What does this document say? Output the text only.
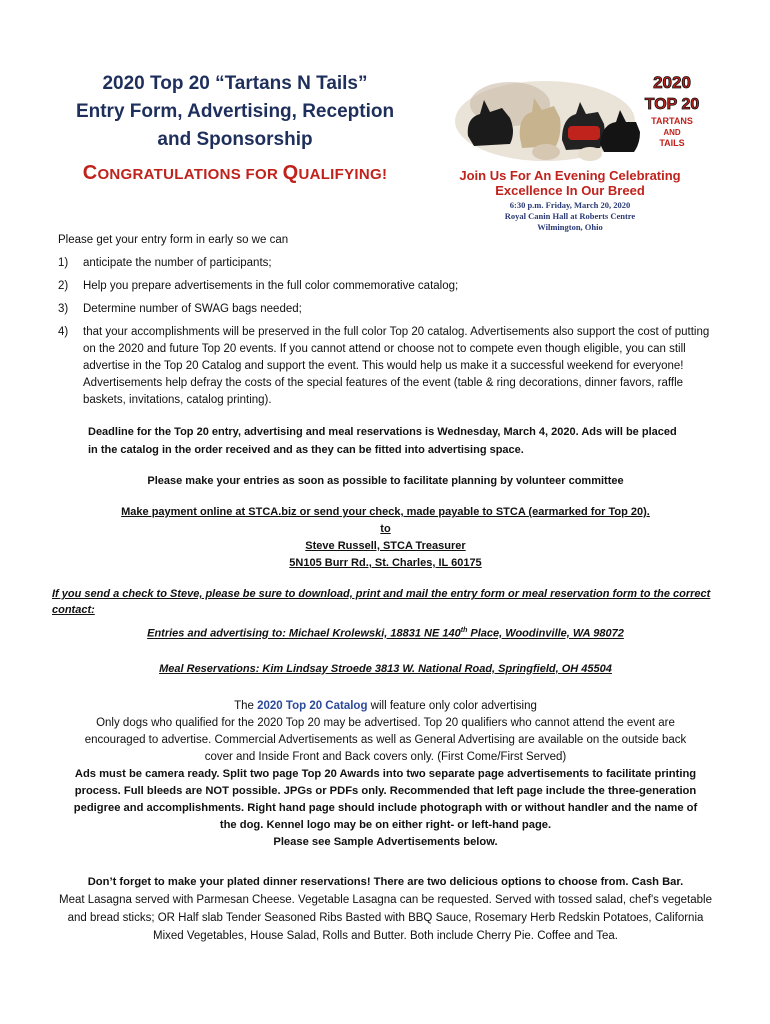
2020 Top 20 “Tartans N Tails”
Entry Form, Advertising, Reception
and Sponsorship
CONGRATULATIONS FOR QUALIFYING!
2020
TOP 20
TARTANS
AND
TAILS
Join Us For An Evening Celebrating
Excellence In Our Breed
6:30 p.m. Friday, March 20, 2020
Royal Canin Hall at Roberts Centre
Wilmington, Ohio

Please get your entry form in early so we can

1) anticipate the number of participants;
2) Help you prepare advertisements in the full color commemorative catalog;
3) Determine number of SWAG bags needed;
4) that your accomplishments will be preserved in the full color Top 20 catalog. Advertisements also support the cost of putting on the 2020 and future Top 20 events. If you cannot attend or choose not to compete even though eligible, you can still advertise in the Top 20 Catalog and support the event. This would help us make it a successful weekend for everyone! Advertisements help defray the costs of the special features of the event (table & ring decorations, dinner favors, raffle baskets, invitations, catalog printing).
Deadline for the Top 20 entry, advertising and meal reservations is Wednesday, March 4, 2020. Ads will be placed in the catalog in the order received and as they can be fitted into advertising space.
Please make your entries as soon as possible to facilitate planning by volunteer committee
Make payment online at STCA.biz or send your check, made payable to STCA (earmarked for Top 20).
to
Steve Russell, STCA Treasurer
5N105 Burr Rd., St. Charles, IL 60175
If you send a check to Steve, please be sure to download, print and mail the entry form or meal reservation form to the correct contact:
Entries and advertising to: Michael Krolewski, 18831 NE 140th Place, Woodinville, WA 98072
Meal Reservations: Kim Lindsay Stroede 3813 W. National Road, Springfield, OH 45504
The 2020 Top 20 Catalog will feature only color advertising
Only dogs who qualified for the 2020 Top 20 may be advertised. Top 20 qualifiers who cannot attend the event are encouraged to advertise. Commercial Advertisements as well as General Advertising are available on the outside back cover and Inside Front and Back covers only. (First Come/First Served)
Ads must be camera ready. Split two page Top 20 Awards into two separate page advertisements to facilitate printing process. Full bleeds are NOT possible. JPGs or PDFs only. Recommended that left page include the three-generation pedigree and accomplishments. Right hand page should include photograph with or without handler and the name of the dog. Kennel logo may be on either right- or left-hand page.
Please see Sample Advertisements below.
Don’t forget to make your plated dinner reservations! There are two delicious options to choose from. Cash Bar.
Meat Lasagna served with Parmesan Cheese. Vegetable Lasagna can be requested. Served with tossed salad, chef's vegetable and bread sticks; OR Half slab Tender Seasoned Ribs Basted with BBQ Sauce, Rosemary Herb Redskin Potatoes, California Mixed Vegetables, House Salad, Rolls and Butter. Both include Cherry Pie. Coffee and Tea.
